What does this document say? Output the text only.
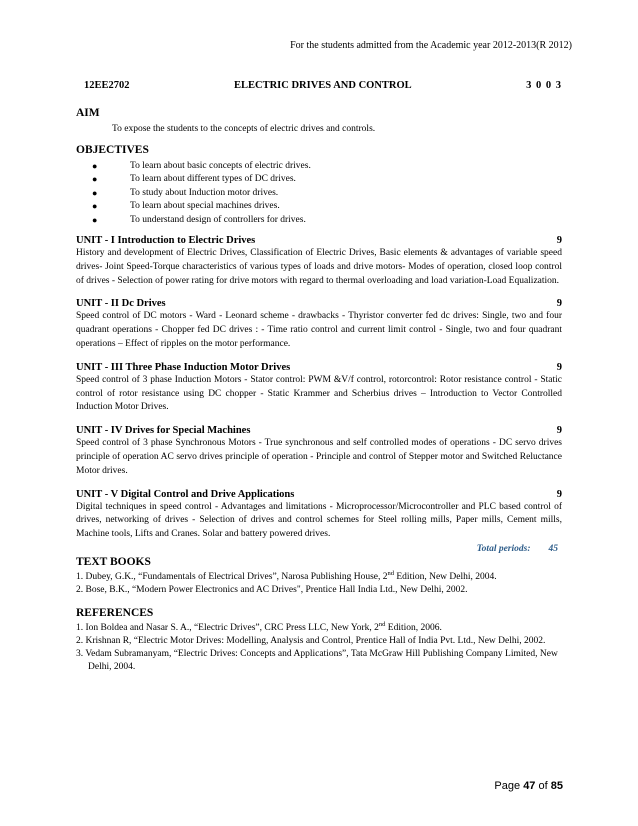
For the students admitted from the Academic year 2012-2013(R 2012)
12EE2702	ELECTRIC DRIVES AND CONTROL	3 0 0 3

AIM

To expose the students to the concepts of electric drives and controls.

OBJECTIVES

●	To learn about basic concepts of electric drives.
●	To learn about different types of DC drives.
●	To study about Induction motor drives.
●	To learn about special machines drives.
●	To understand design of controllers for drives.
UNIT - I Introduction to Electric Drives	9

History and development of Electric Drives, Classification of Electric Drives, Basic elements & advantages of variable speed drives- Joint Speed-Torque characteristics of various types of loads and drive motors- Modes of operation, closed loop control of drives - Selection of power rating for drive motors with regard to thermal overloading and load variation-Load Equalization.

UNIT - II Dc Drives	9

Speed control of DC motors - Ward - Leonard scheme - drawbacks - Thyristor converter fed dc drives: Single, two and four quadrant operations - Chopper fed DC drives : - Time ratio control and current limit control - Single, two and four quadrant operations – Effect of ripples on the motor performance.

UNIT - III Three Phase Induction Motor Drives	9

Speed control of 3 phase Induction Motors - Stator control: PWM &V/f control, rotorcontrol: Rotor resistance control - Static control of rotor resistance using DC chopper - Static Krammer and Scherbius drives – Introduction to Vector Controlled Induction Motor Drives.

UNIT - IV Drives for Special Machines	9

Speed control of 3 phase Synchronous Motors - True synchronous and self controlled modes of operations - DC servo drives principle of operation AC servo drives principle of operation - Principle and control of Stepper motor and Switched Reluctance Motor drives.

UNIT - V Digital Control and Drive Applications	9

Digital techniques in speed control - Advantages and limitations - Microprocessor/Microcontroller and PLC based control of drives, networking of drives - Selection of drives and control schemes for Steel rolling mills, Paper mills, Cement mills, Machine tools, Lifts and Cranes. Solar and battery powered drives.

Total periods: 45

TEXT BOOKS

1. Dubey, G.K., “Fundamentals of Electrical Drives”, Narosa Publishing House, 2nd Edition, New Delhi, 2004.
2. Bose, B.K., “Modern Power Electronics and AC Drives", Prentice Hall India Ltd., New Delhi, 2002.

REFERENCES

1. Ion Boldea and Nasar S. A., “Electric Drives”, CRC Press LLC, New York, 2nd Edition, 2006.
2. Krishnan R, “Electric Motor Drives: Modelling, Analysis and Control, Prentice Hall of India Pvt. Ltd., New Delhi, 2002.
3. Vedam Subramanyam, “Electric Drives: Concepts and Applications”, Tata McGraw Hill Publishing Company Limited, New Delhi, 2004.
Page 47 of 85
